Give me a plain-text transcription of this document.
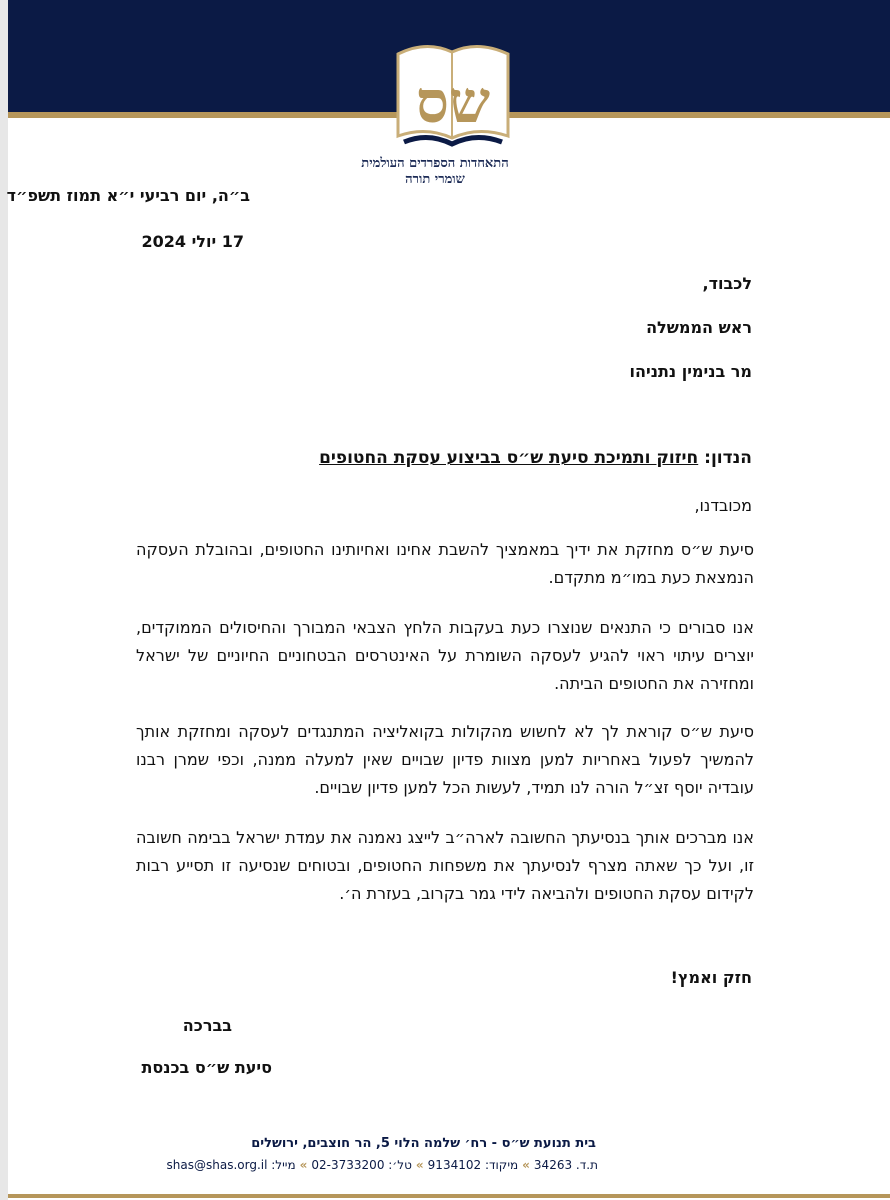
שס
התאחדות הספרדים העולמית
שומרי תורה
ב״ה, יום רביעי י״א תמוז תשפ״ד
17 יולי 2024
לכבוד,
ראש הממשלה
מר בנימין נתניהו
הנדון: חיזוק ותמיכת סיעת ש״ס בביצוע עסקת החטופים
מכובדנו,
סיעת ש״ס מחזקת את ידיך במאמציך להשבת אחינו ואחיותינו החטופים, ובהובלת העסקה הנמצאת כעת במו״מ מתקדם.
אנו סבורים כי התנאים שנוצרו כעת בעקבות הלחץ הצבאי המבורך והחיסולים הממוקדים, יוצרים עיתוי ראוי להגיע לעסקה השומרת על האינטרסים הבטחוניים החיוניים של ישראל ומחזירה את החטופים הביתה.
סיעת ש״ס קוראת לך לא לחשוש מהקולות בקואליציה המתנגדים לעסקה ומחזקת אותך להמשיך לפעול באחריות למען מצוות פדיון שבויים שאין למעלה ממנה, וכפי שמרן רבנו עובדיה יוסף זצ״ל הורה לנו תמיד, לעשות הכל למען פדיון שבויים.
אנו מברכים אותך בנסיעתך החשובה לארה״ב לייצג נאמנה את עמדת ישראל בבימה חשובה זו, ועל כך שאתה מצרף לנסיעתך את משפחות החטופים, ובטוחים שנסיעה זו תסייע רבות לקידום עסקת החטופים ולהביאה לידי גמר בקרוב, בעזרת ה׳.
חזק ואמץ!
בברכה
סיעת ש״ס בכנסת
בית תנועת ש״ס - רח׳ שלמה הלוי 5, הר חוצבים, ירושלים
ת.ד. 34263»מיקוד: 9134102»טל׳: 02-3733200»מייל: shas@shas.org.il
